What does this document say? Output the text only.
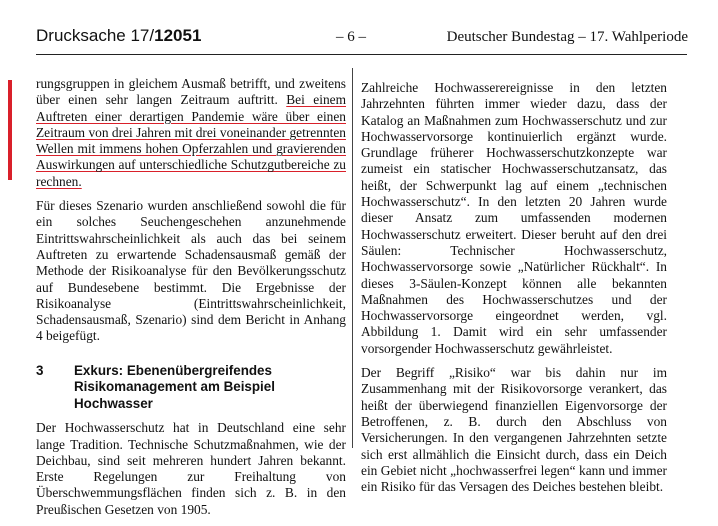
Drucksache 17/12051	– 6 –	Deutscher Bundestag – 17. Wahlperiode

rungsgruppen in gleichem Ausmaß betrifft, und zweitens über einen sehr langen Zeitraum auftritt. Bei einem Auftreten einer derartigen Pandemie wäre über einen Zeitraum von drei Jahren mit drei voneinander getrennten Wellen mit immens hohen Opferzahlen und gravierenden Auswirkungen auf unterschiedliche Schutzgutbereiche zu rechnen.

Für dieses Szenario wurden anschließend sowohl die für ein solches Seuchengeschehen anzunehmende Eintrittswahrscheinlichkeit als auch das bei seinem Auftreten zu erwartende Schadensausmaß gemäß der Methode der Risikoanalyse für den Bevölkerungsschutz auf Bundesebene bestimmt. Die Ergebnisse der Risikoanalyse (Eintrittswahrscheinlichkeit, Schadensausmaß, Szenario) sind dem Bericht in Anhang 4 beigefügt.

3	Exkurs: Ebenenübergreifendes Risikomanagement am Beispiel Hochwasser

Der Hochwasserschutz hat in Deutschland eine sehr lange Tradition. Technische Schutzmaßnahmen, wie der Deichbau, sind seit mehreren hundert Jahren bekannt. Erste Regelungen zur Freihaltung von Überschwemmungsflächen finden sich z. B. in den Preußischen Gesetzen von 1905.

Zahlreiche Hochwasserereignisse in den letzten Jahrzehnten führten immer wieder dazu, dass der Katalog an Maßnahmen zum Hochwasserschutz und zur Hochwasservorsorge kontinuierlich ergänzt wurde. Grundlage früherer Hochwasserschutzkonzepte war zumeist ein statischer Hochwasserschutzansatz, das heißt, der Schwerpunkt lag auf einem „technischen Hochwasserschutz“. In den letzten 20 Jahren wurde dieser Ansatz zum umfassenden modernen Hochwasserschutz erweitert. Dieser beruht auf den drei Säulen: Technischer Hochwasserschutz, Hochwasservorsorge sowie „Natürlicher Rückhalt“. In dieses 3-Säulen-Konzept können alle bekannten Maßnahmen des Hochwasserschutzes und der Hochwasservorsorge eingeordnet werden, vgl. Abbildung 1. Damit wird ein sehr umfassender vorsorgender Hochwasserschutz gewährleistet.

Der Begriff „Risiko“ war bis dahin nur im Zusammenhang mit der Risikovorsorge verankert, das heißt der überwiegend finanziellen Eigenvorsorge der Betroffenen, z. B. durch den Abschluss von Versicherungen. In den vergangenen Jahrzehnten setzte sich erst allmählich die Einsicht durch, dass ein Deich ein Gebiet nicht „hochwasserfrei legen“ kann und immer ein Risiko für das Versagen des Deiches bestehen bleibt.
